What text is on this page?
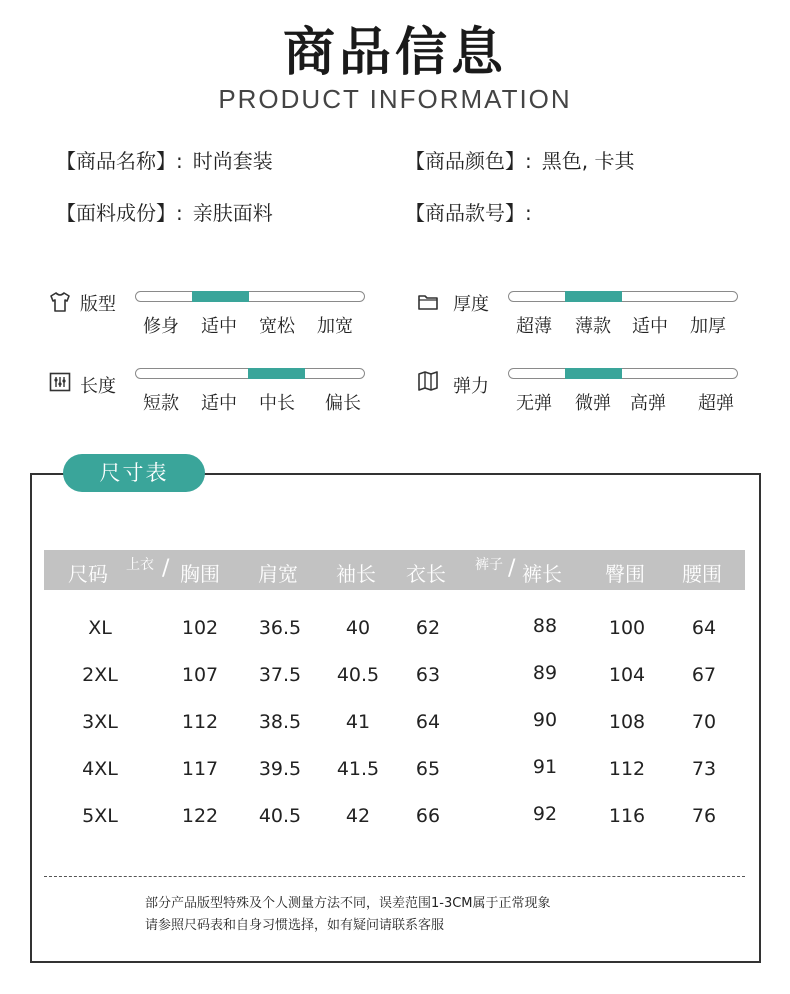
商品信息
PRODUCT INFORMATION
【商品名称】: 时尚套装	【商品颜色】: 黑色, 卡其
【面料成份】: 亲肤面料	【商品款号】:
版型
修身 适中 宽松 加宽
厚度
超薄 薄款 适中 加厚
长度
短款 适中 中长 偏长
弹力
无弹 微弹 高弹 超弹
尺寸表
尺码	上衣 / 胸围	肩宽	袖长	衣长	裤子 / 裤长	臀围	腰围
XL	102	36.5	40	62	88	100	64
2XL	107	37.5	40.5	63	89	104	67
3XL	112	38.5	41	64	90	108	70
4XL	117	39.5	41.5	65	91	112	73
5XL	122	40.5	42	66	92	116	76
部分产品版型特殊及个人测量方法不同，误差范围1-3CM属于正常现象
请参照尺码表和自身习惯选择，如有疑问请联系客服
